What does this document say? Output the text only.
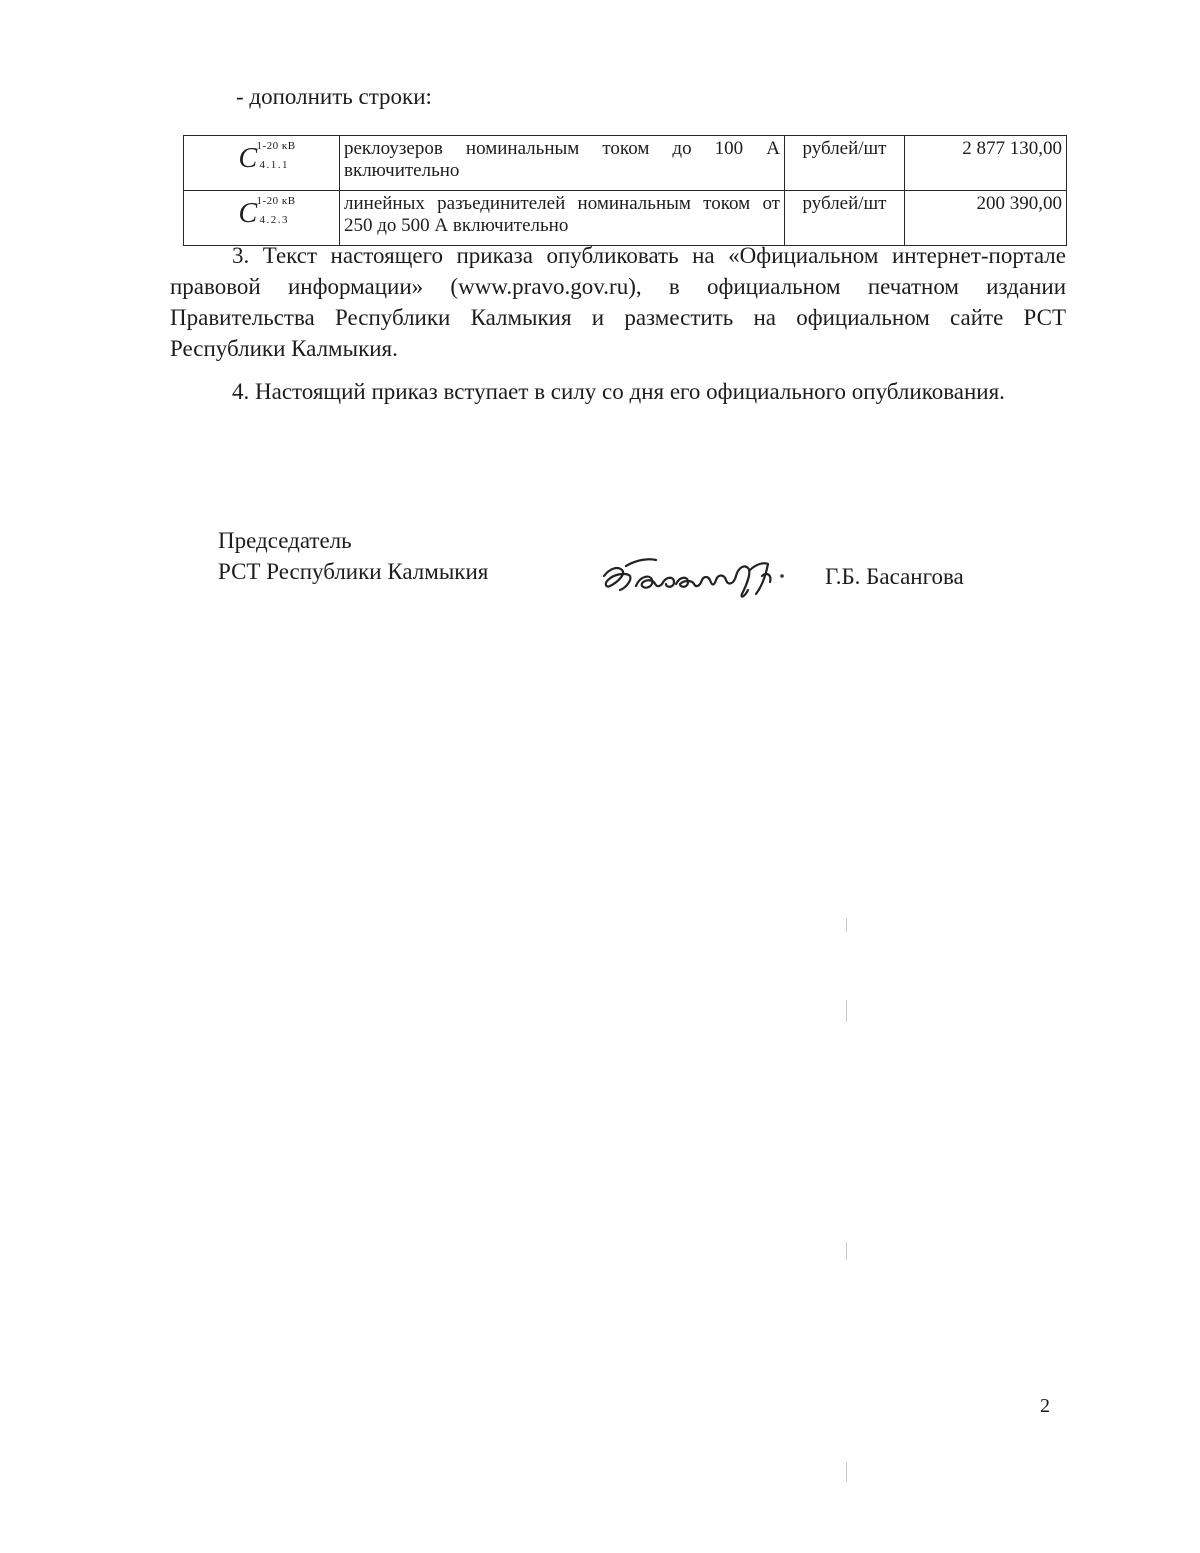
- дополнить строки:
C 1-20 кВ
4.1.1	реклоузеров номинальным током до 100 А включительно	рублей/шт	2 877 130,00

C 1-20 кВ
4.2.3	линейных разъединителей номинальным током от 250 до 500 А включительно	рублей/шт	200 390,00
3. Текст настоящего приказа опубликовать на «Официальном интернет-портале правовой информации» (www.pravo.gov.ru), в официальном печатном издании Правительства Республики Калмыкия и разместить на официальном сайте РСТ Республики Калмыкия.
4. Настоящий приказ вступает в силу со дня его официального опубликования.
Председатель
РСТ Республики Калмыкия	Г.Б. Басангова
2
